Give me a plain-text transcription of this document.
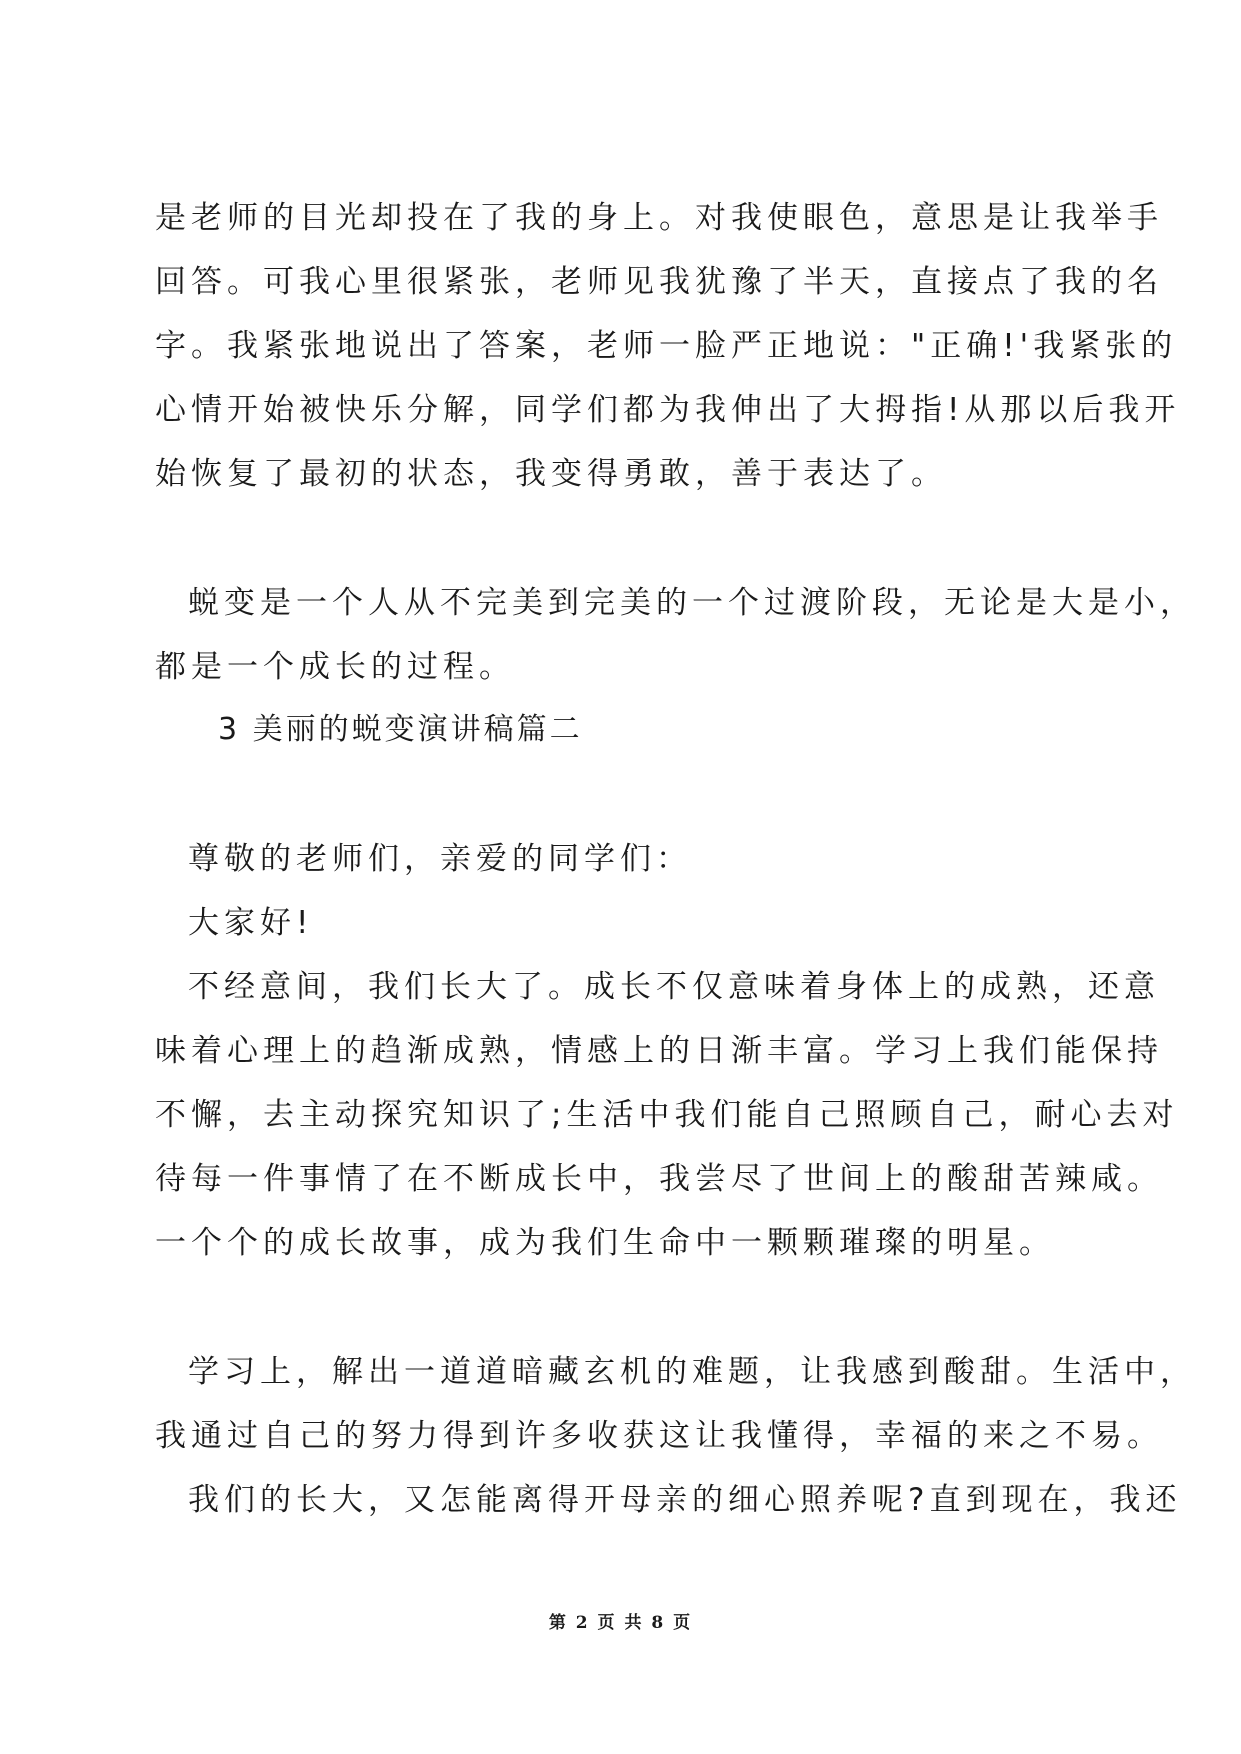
是老师的目光却投在了我的身上。对我使眼色，意思是让我举手
回答。可我心里很紧张，老师见我犹豫了半天，直接点了我的名
字。我紧张地说出了答案，老师一脸严正地说："正确!'我紧张的
心情开始被快乐分解，同学们都为我伸出了大拇指!从那以后我开
始恢复了最初的状态，我变得勇敢，善于表达了。
蜕变是一个人从不完美到完美的一个过渡阶段，无论是大是小，
都是一个成长的过程。
3 美丽的蜕变演讲稿篇二
尊敬的老师们，亲爱的同学们：
大家好!
不经意间，我们长大了。成长不仅意味着身体上的成熟，还意
味着心理上的趋渐成熟，情感上的日渐丰富。学习上我们能保持
不懈，去主动探究知识了;生活中我们能自己照顾自己，耐心去对
待每一件事情了在不断成长中，我尝尽了世间上的酸甜苦辣咸。
一个个的成长故事，成为我们生命中一颗颗璀璨的明星。
学习上，解出一道道暗藏玄机的难题，让我感到酸甜。生活中，
我通过自己的努力得到许多收获这让我懂得，幸福的来之不易。
我们的长大，又怎能离得开母亲的细心照养呢?直到现在，我还
第 2 页 共 8 页
